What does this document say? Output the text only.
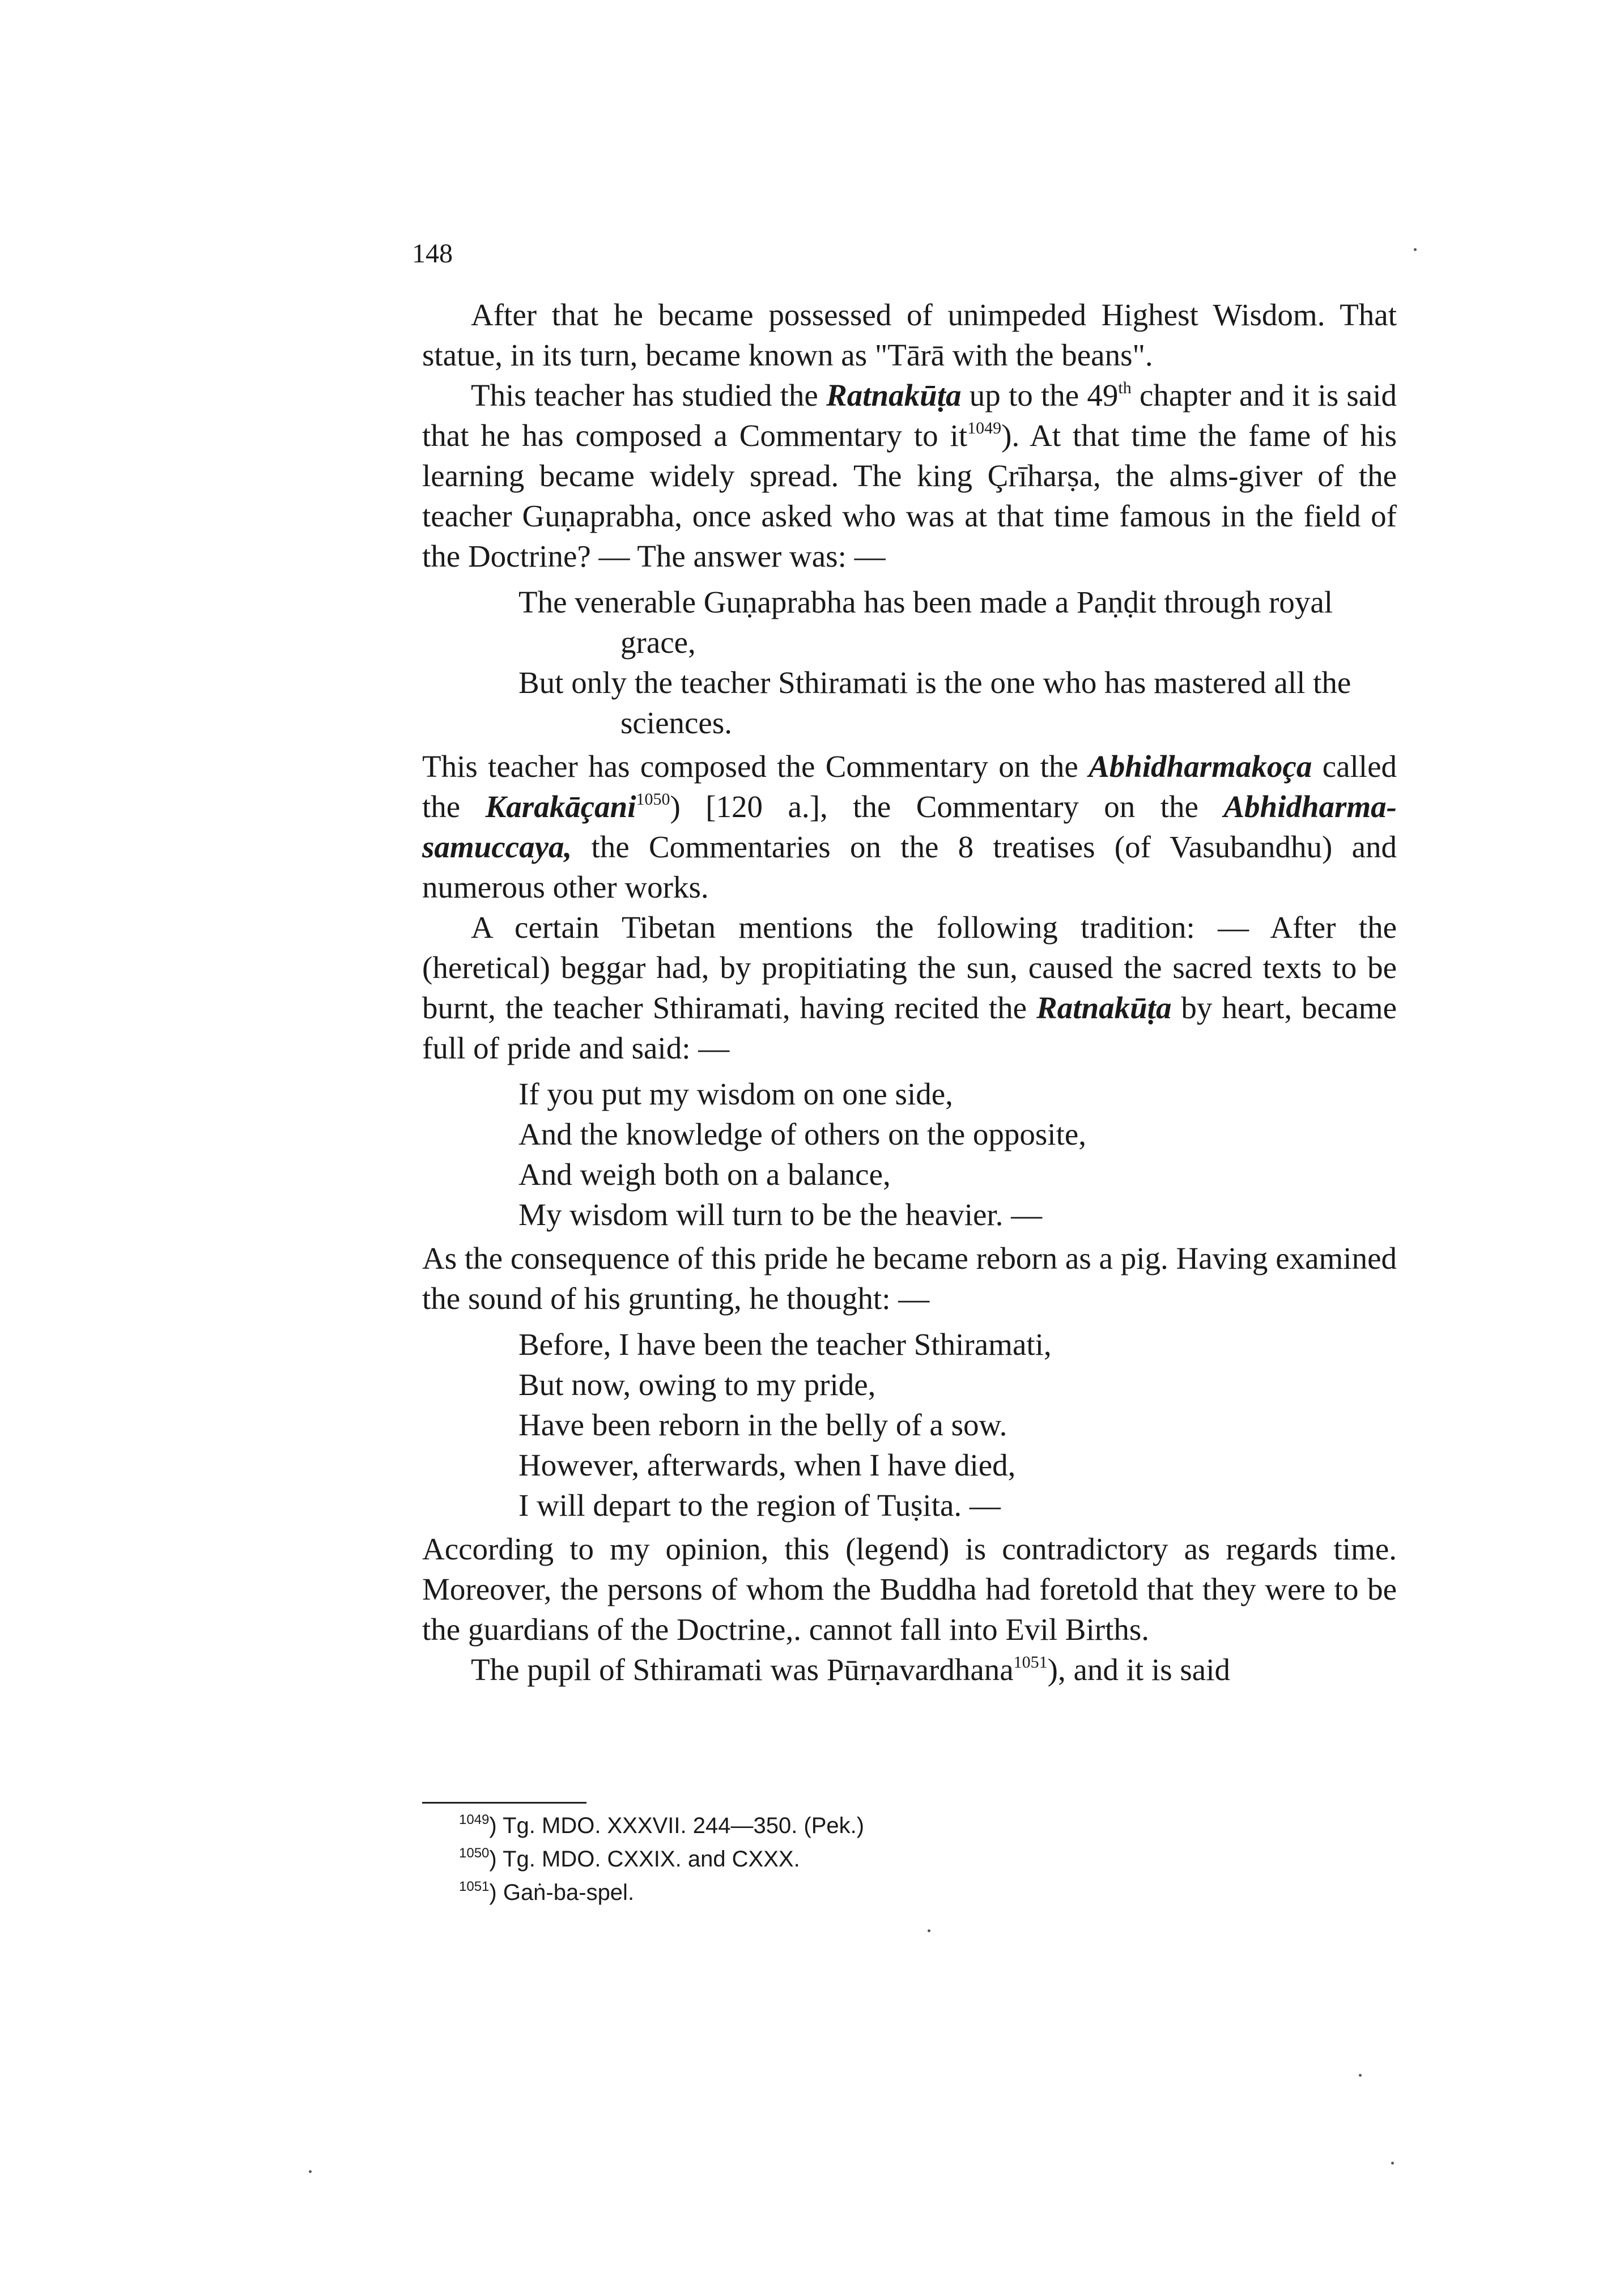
148

After that he became possessed of unimpeded Highest Wisdom. That statue, in its turn, became known as "Tārā with the beans".

This teacher has studied the Ratnakūṭa up to the 49th chapter and it is said that he has composed a Commentary to $it^{1049}$). At that time the fame of his learning became widely spread. The king Çrīharṣa, the alms-giver of the teacher Guṇaprabha, once asked who was at that time famous in the field of the Doctrine? — The answer was: —

The venerable Guṇaprabha has been made a Paṇḍit through royal grace,
But only the teacher Sthiramati is the one who has mastered all the sciences.

This teacher has composed the Commentary on the Abhidharmakoça called the Karakāçani$^{1050}$) [120 a.], the Commentary on the Abhidharma-samuccaya, the Commentaries on the 8 treatises (of Vasubandhu) and numerous other works.

A certain Tibetan mentions the following tradition: — After the (heretical) beggar had, by propitiating the sun, caused the sacred texts to be burnt, the teacher Sthiramati, having recited the Ratnakūṭa by heart, became full of pride and said: —

If you put my wisdom on one side,
And the knowledge of others on the opposite,
And weigh both on a balance,
My wisdom will turn to be the heavier. —

As the consequence of this pride he became reborn as a pig. Having examined the sound of his grunting, he thought: —

Before, I have been the teacher Sthiramati,
But now, owing to my pride,
Have been reborn in the belly of a sow.
However, afterwards, when I have died,
I will depart to the region of Tuṣita. —

According to my opinion, this (legend) is contradictory as regards time. Moreover, the persons of whom the Buddha had foretold that they were to be the guardians of the Doctrine,. cannot fall into Evil Births.

The pupil of Sthiramati was Pūrṇavardhana$^{1051}$), and it is said

$^{1049}$) Tg. MDO. XXXVII. 244—350. (Pek.)
$^{1050}$) Tg. MDO. CXXIX. and CXXX.
$^{1051}$) Gaṅ-ba-spel.
